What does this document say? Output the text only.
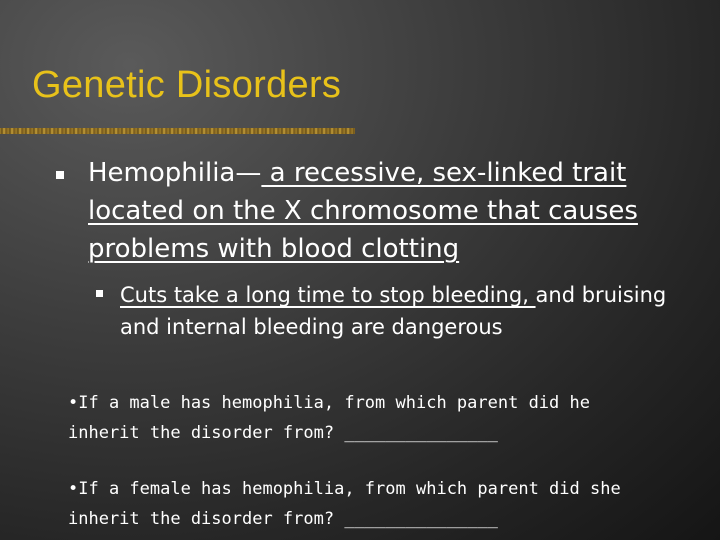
Genetic Disorders
Hemophilia— a recessive, sex-linked trait located on the X chromosome that causes problems with blood clotting
Cuts take a long time to stop bleeding, and bruising and internal bleeding are dangerous
•If a male has hemophilia, from which parent did he
inherit the disorder from? _______________
•If a female has hemophilia, from which parent did she
inherit the disorder from? _______________
